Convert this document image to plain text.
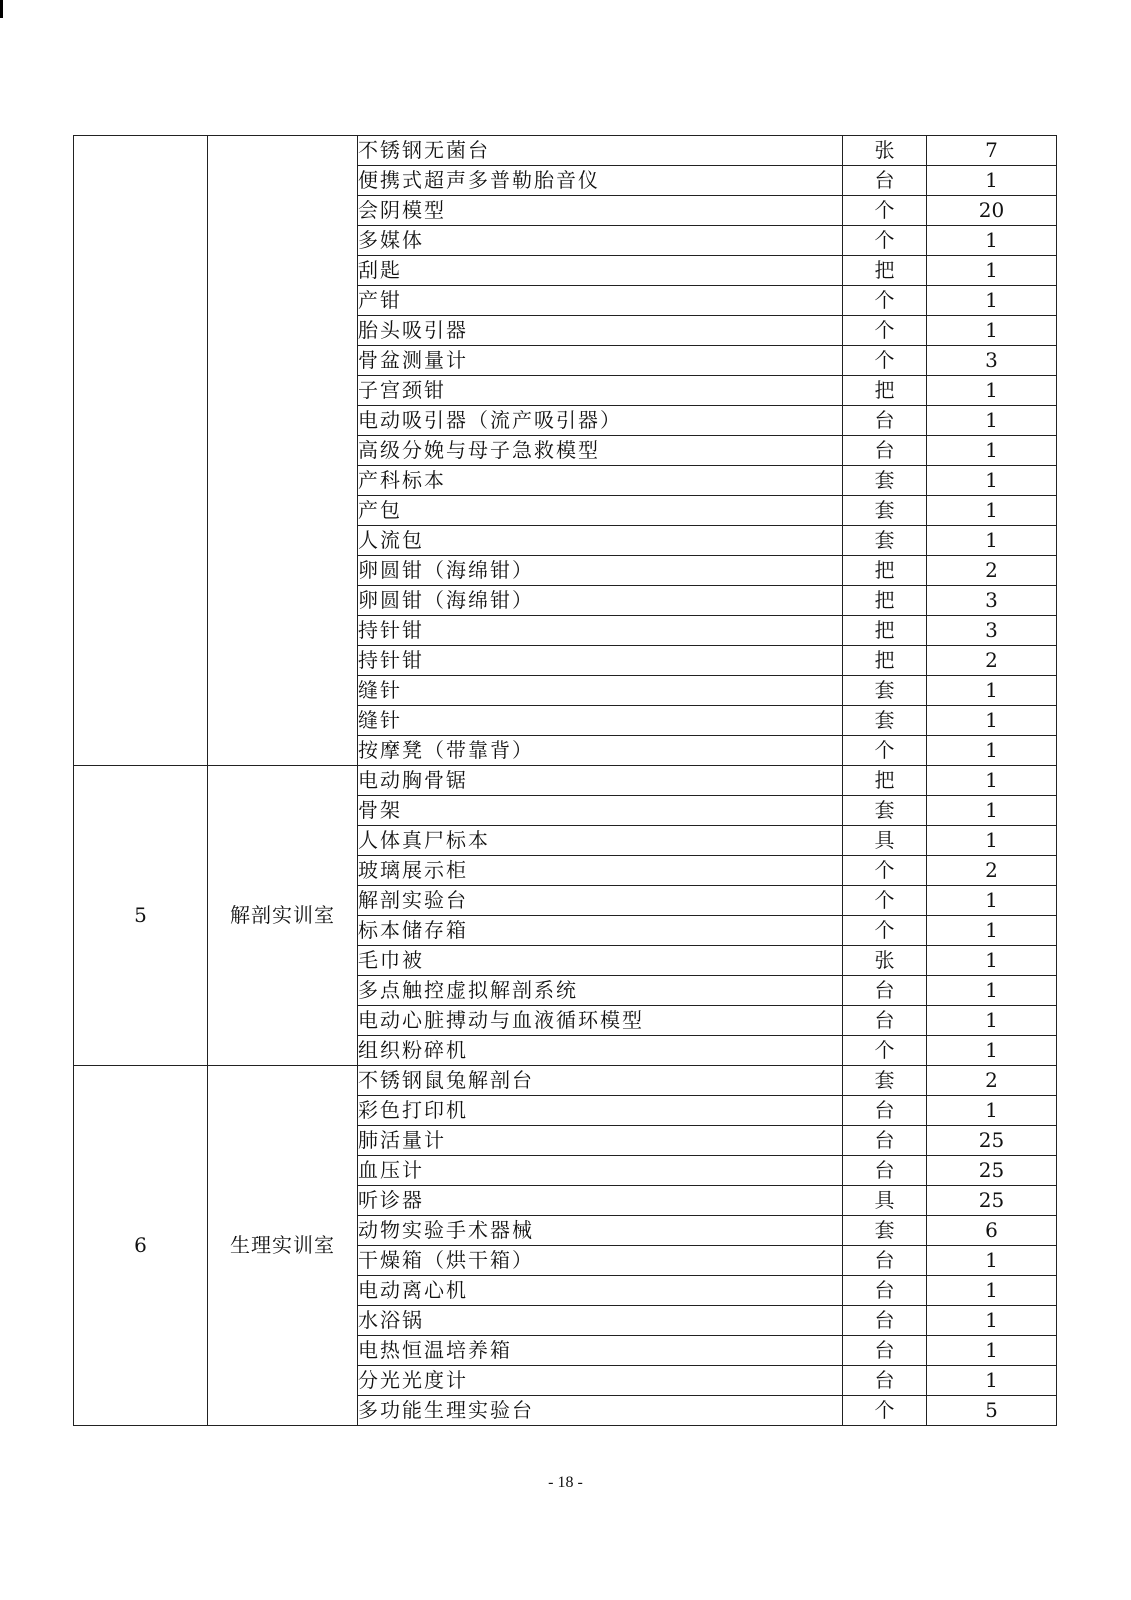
		不锈钢无菌台	张	7
		便携式超声多普勒胎音仪	台	1
		会阴模型	个	20
		多媒体	个	1
		刮匙	把	1
		产钳	个	1
		胎头吸引器	个	1
		骨盆测量计	个	3
		子宫颈钳	把	1
		电动吸引器（流产吸引器）	台	1
		高级分娩与母子急救模型	台	1
		产科标本	套	1
		产包	套	1
		人流包	套	1
		卵圆钳（海绵钳）	把	2
		卵圆钳（海绵钳）	把	3
		持针钳	把	3
		持针钳	把	2
		缝针	套	1
		缝针	套	1
		按摩凳（带靠背）	个	1
5	解剖实训室	电动胸骨锯	把	1
		骨架	套	1
		人体真尸标本	具	1
		玻璃展示柜	个	2
		解剖实验台	个	1
		标本储存箱	个	1
		毛巾被	张	1
		多点触控虚拟解剖系统	台	1
		电动心脏搏动与血液循环模型	台	1
		组织粉碎机	个	1
6	生理实训室	不锈钢鼠兔解剖台	套	2
		彩色打印机	台	1
		肺活量计	台	25
		血压计	台	25
		听诊器	具	25
		动物实验手术器械	套	6
		干燥箱（烘干箱）	台	1
		电动离心机	台	1
		水浴锅	台	1
		电热恒温培养箱	台	1
		分光光度计	台	1
		多功能生理实验台	个	5
- 18 -
